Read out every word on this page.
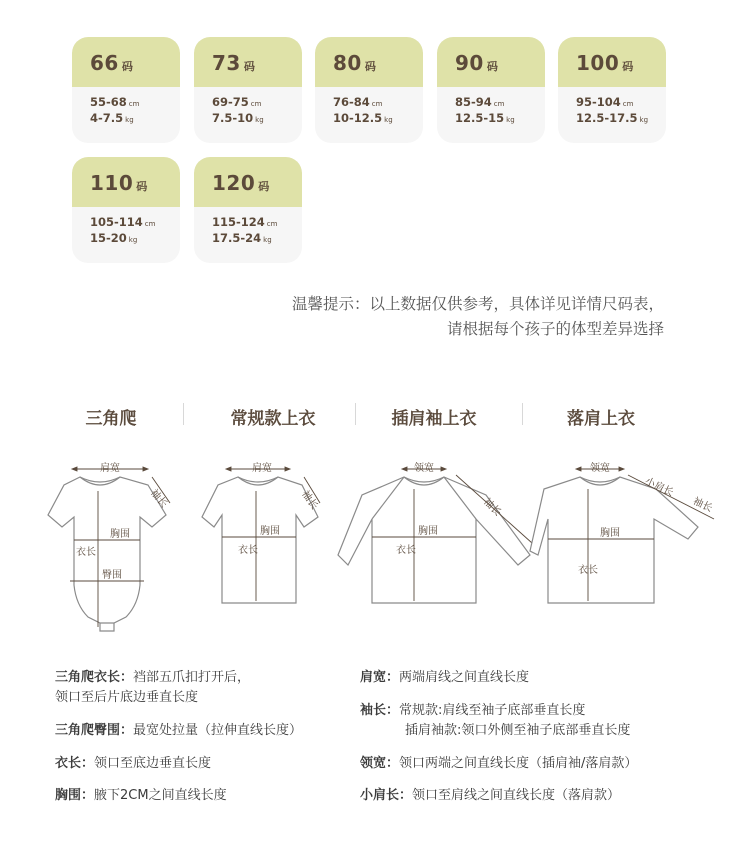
66 码
55-68 cm
4-7.5 kg
73 码
69-75 cm
7.5-10 kg
80 码
76-84 cm
10-12.5 kg
90 码
85-94 cm
12.5-15 kg
100 码
95-104 cm
12.5-17.5 kg
110 码
105-114 cm
15-20 kg
120 码
115-124 cm
17.5-24 kg
温馨提示：以上数据仅供参考，具体详见详情尺码表，
请根据每个孩子的体型差异选择
三角爬	常规款上衣	插肩袖上衣	落肩上衣
肩宽
袖长
胸围
衣长
臀围
肩宽
袖长
胸围
衣长
领宽
袖长
胸围
衣长
领宽
小肩长
袖长
胸围
衣长
三角爬衣长：裆部五爪扣打开后，
领口至后片底边垂直长度
三角爬臀围：最宽处拉量（拉伸直线长度）
衣长：领口至底边垂直长度
胸围：腋下2CM之间直线长度
肩宽：两端肩线之间直线长度
袖长：常规款:肩线至袖子底部垂直长度
插肩袖款:领口外侧至袖子底部垂直长度
领宽：领口两端之间直线长度（插肩袖/落肩款）
小肩长：领口至肩线之间直线长度（落肩款）
